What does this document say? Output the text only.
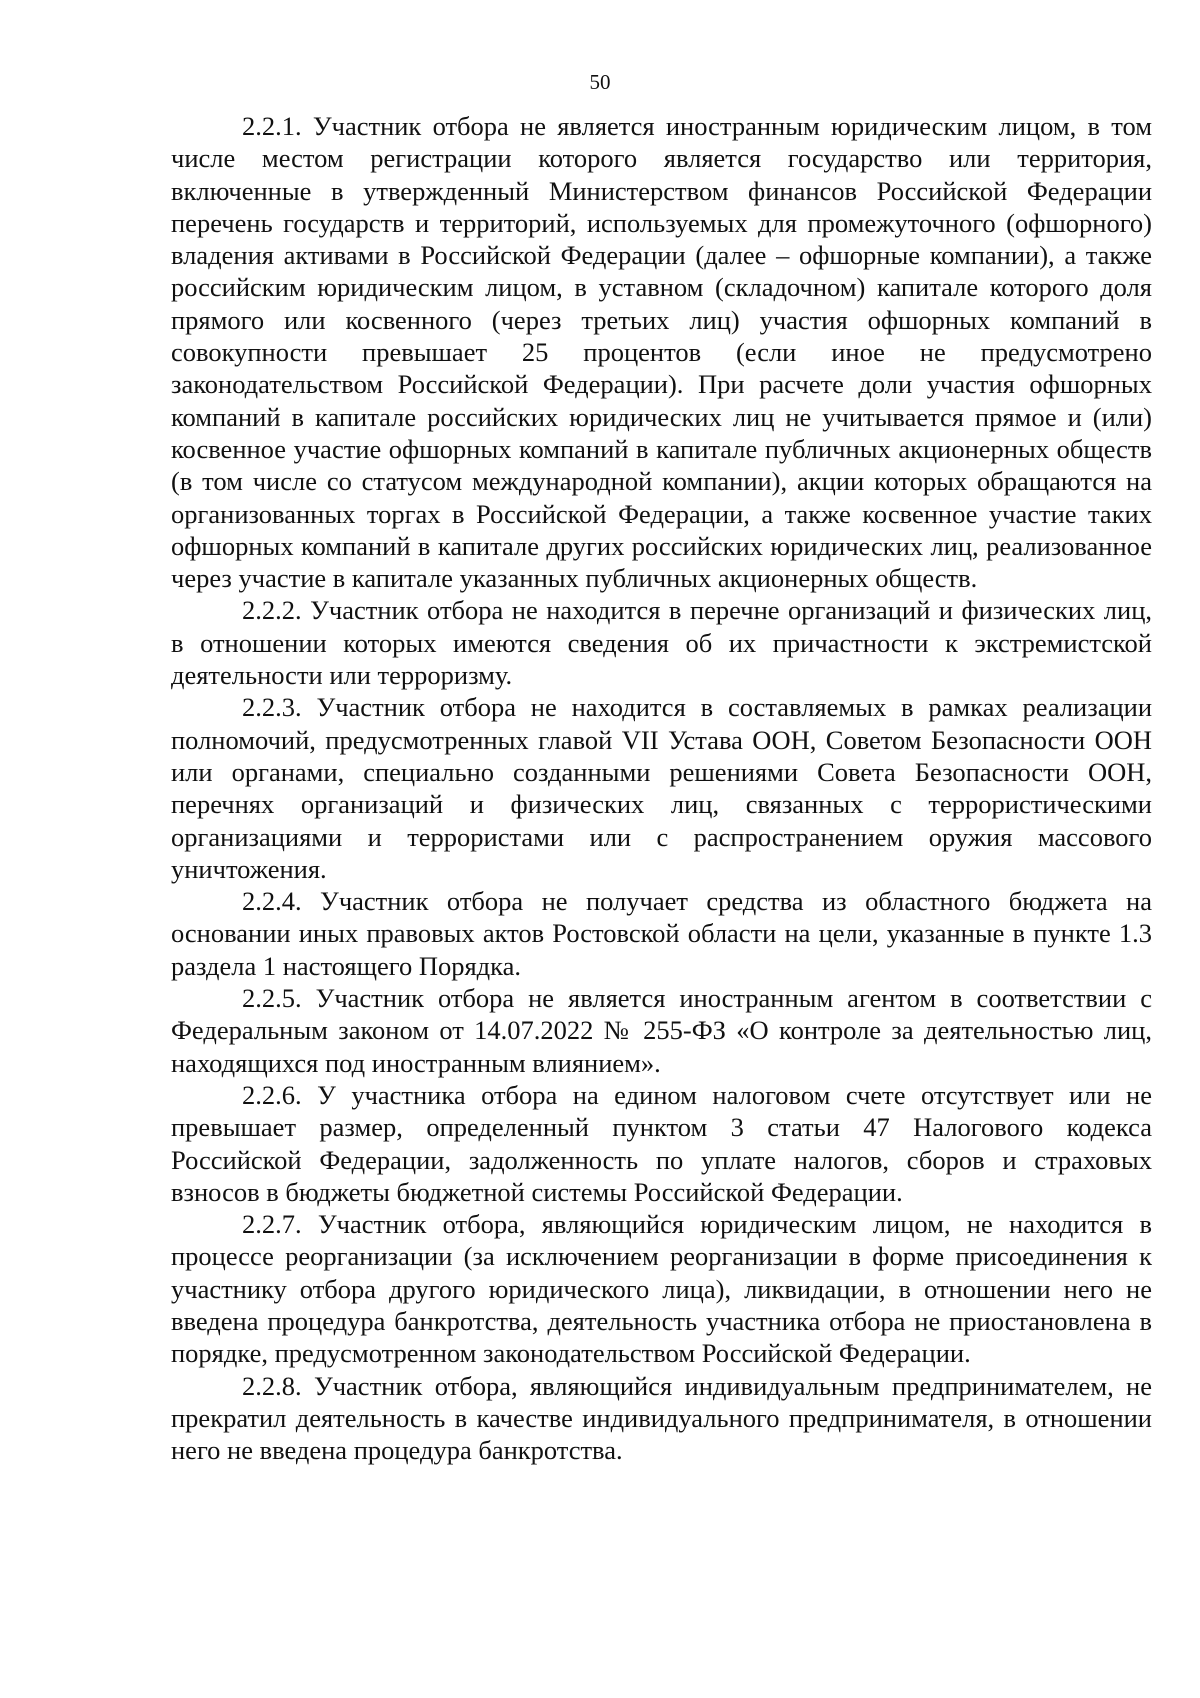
50

2.2.1. Участник отбора не является иностранным юридическим лицом, в том числе местом регистрации которого является государство или территория, включенные в утвержденный Министерством финансов Российской Федерации перечень государств и территорий, используемых для промежуточного (офшорного) владения активами в Российской Федерации (далее – офшорные компании), а также российским юридическим лицом, в уставном (складочном) капитале которого доля прямого или косвенного (через третьих лиц) участия офшорных компаний в совокупности превышает 25 процентов (если иное не предусмотрено законодательством Российской Федерации). При расчете доли участия офшорных компаний в капитале российских юридических лиц не учитывается прямое и (или) косвенное участие офшорных компаний в капитале публичных акционерных обществ (в том числе со статусом международной компании), акции которых обращаются на организованных торгах в Российской Федерации, а также косвенное участие таких офшорных компаний в капитале других российских юридических лиц, реализованное через участие в капитале указанных публичных акционерных обществ.

2.2.2. Участник отбора не находится в перечне организаций и физических лиц, в отношении которых имеются сведения об их причастности к экстремистской деятельности или терроризму.

2.2.3. Участник отбора не находится в составляемых в рамках реализации полномочий, предусмотренных главой VII Устава ООН, Советом Безопасности ООН или органами, специально созданными решениями Совета Безопасности ООН, перечнях организаций и физических лиц, связанных с террористическими организациями и террористами или с распространением оружия массового уничтожения.

2.2.4. Участник отбора не получает средства из областного бюджета на основании иных правовых актов Ростовской области на цели, указанные в пункте 1.3 раздела 1 настоящего Порядка.

2.2.5. Участник отбора не является иностранным агентом в соответствии с Федеральным законом от 14.07.2022 № 255-ФЗ «О контроле за деятельностью лиц, находящихся под иностранным влиянием».

2.2.6. У участника отбора на едином налоговом счете отсутствует или не превышает размер, определенный пунктом 3 статьи 47 Налогового кодекса Российской Федерации, задолженность по уплате налогов, сборов и страховых взносов в бюджеты бюджетной системы Российской Федерации.

2.2.7. Участник отбора, являющийся юридическим лицом, не находится в процессе реорганизации (за исключением реорганизации в форме присоединения к участнику отбора другого юридического лица), ликвидации, в отношении него не введена процедура банкротства, деятельность участника отбора не приостановлена в порядке, предусмотренном законодательством Российской Федерации.

2.2.8. Участник отбора, являющийся индивидуальным предпринимателем, не прекратил деятельность в качестве индивидуального предпринимателя, в отношении него не введена процедура банкротства.
